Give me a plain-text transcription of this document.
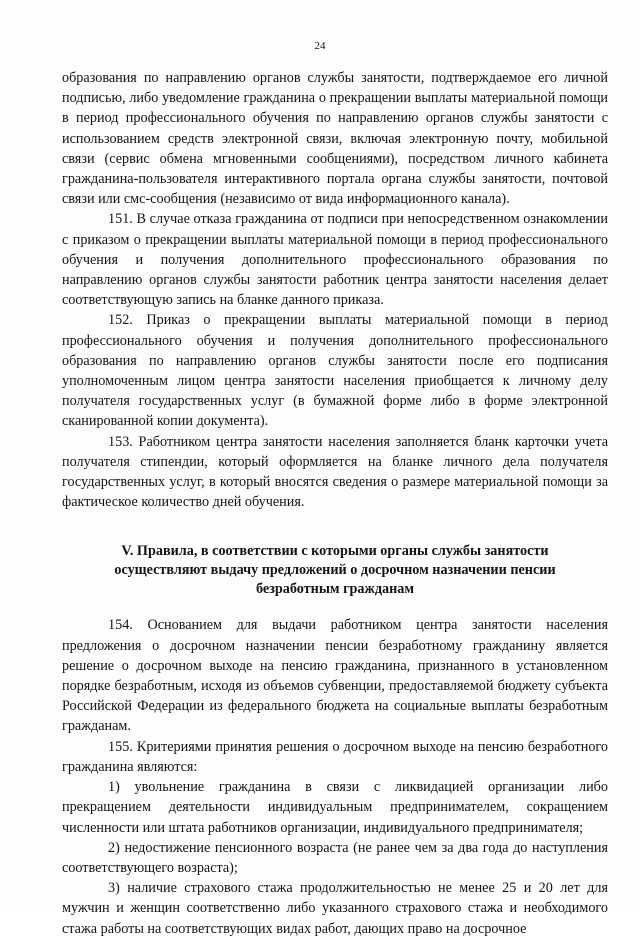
24

образования по направлению органов службы занятости, подтверждаемое его личной подписью, либо уведомление гражданина о прекращении выплаты материальной помощи в период профессионального обучения по направлению органов службы занятости с использованием средств электронной связи, включая электронную почту, мобильной связи (сервис обмена мгновенными сообщениями), посредством личного кабинета гражданина-пользователя интерактивного портала органа службы занятости, почтовой связи или смс-сообщения (независимо от вида информационного канала).

151. В случае отказа гражданина от подписи при непосредственном ознакомлении с приказом о прекращении выплаты материальной помощи в период профессионального обучения и получения дополнительного профессионального образования по направлению органов службы занятости работник центра занятости населения делает соответствующую запись на бланке данного приказа.

152. Приказ о прекращении выплаты материальной помощи в период профессионального обучения и получения дополнительного профессионального образования по направлению органов службы занятости после его подписания уполномоченным лицом центра занятости населения приобщается к личному делу получателя государственных услуг (в бумажной форме либо в форме электронной сканированной копии документа).

153. Работником центра занятости населения заполняется бланк карточки учета получателя стипендии, который оформляется на бланке личного дела получателя государственных услуг, в который вносятся сведения о размере материальной помощи за фактическое количество дней обучения.

V. Правила, в соответствии с которыми органы службы занятости
осуществляют выдачу предложений о досрочном назначении пенсии
безработным гражданам

154. Основанием для выдачи работником центра занятости населения предложения о досрочном назначении пенсии безработному гражданину является решение о досрочном выходе на пенсию гражданина, признанного в установленном порядке безработным, исходя из объемов субвенции, предоставляемой бюджету субъекта Российской Федерации из федерального бюджета на социальные выплаты безработным гражданам.

155. Критериями принятия решения о досрочном выходе на пенсию безработного гражданина являются:

1) увольнение гражданина в связи с ликвидацией организации либо прекращением деятельности индивидуальным предпринимателем, сокращением численности или штата работников организации, индивидуального предпринимателя;

2) недостижение пенсионного возраста (не ранее чем за два года до наступления соответствующего возраста);

3) наличие страхового стажа продолжительностью не менее 25 и 20 лет для мужчин и женщин соответственно либо указанного страхового стажа и необходимого стажа работы на соответствующих видах работ, дающих право на досрочное
